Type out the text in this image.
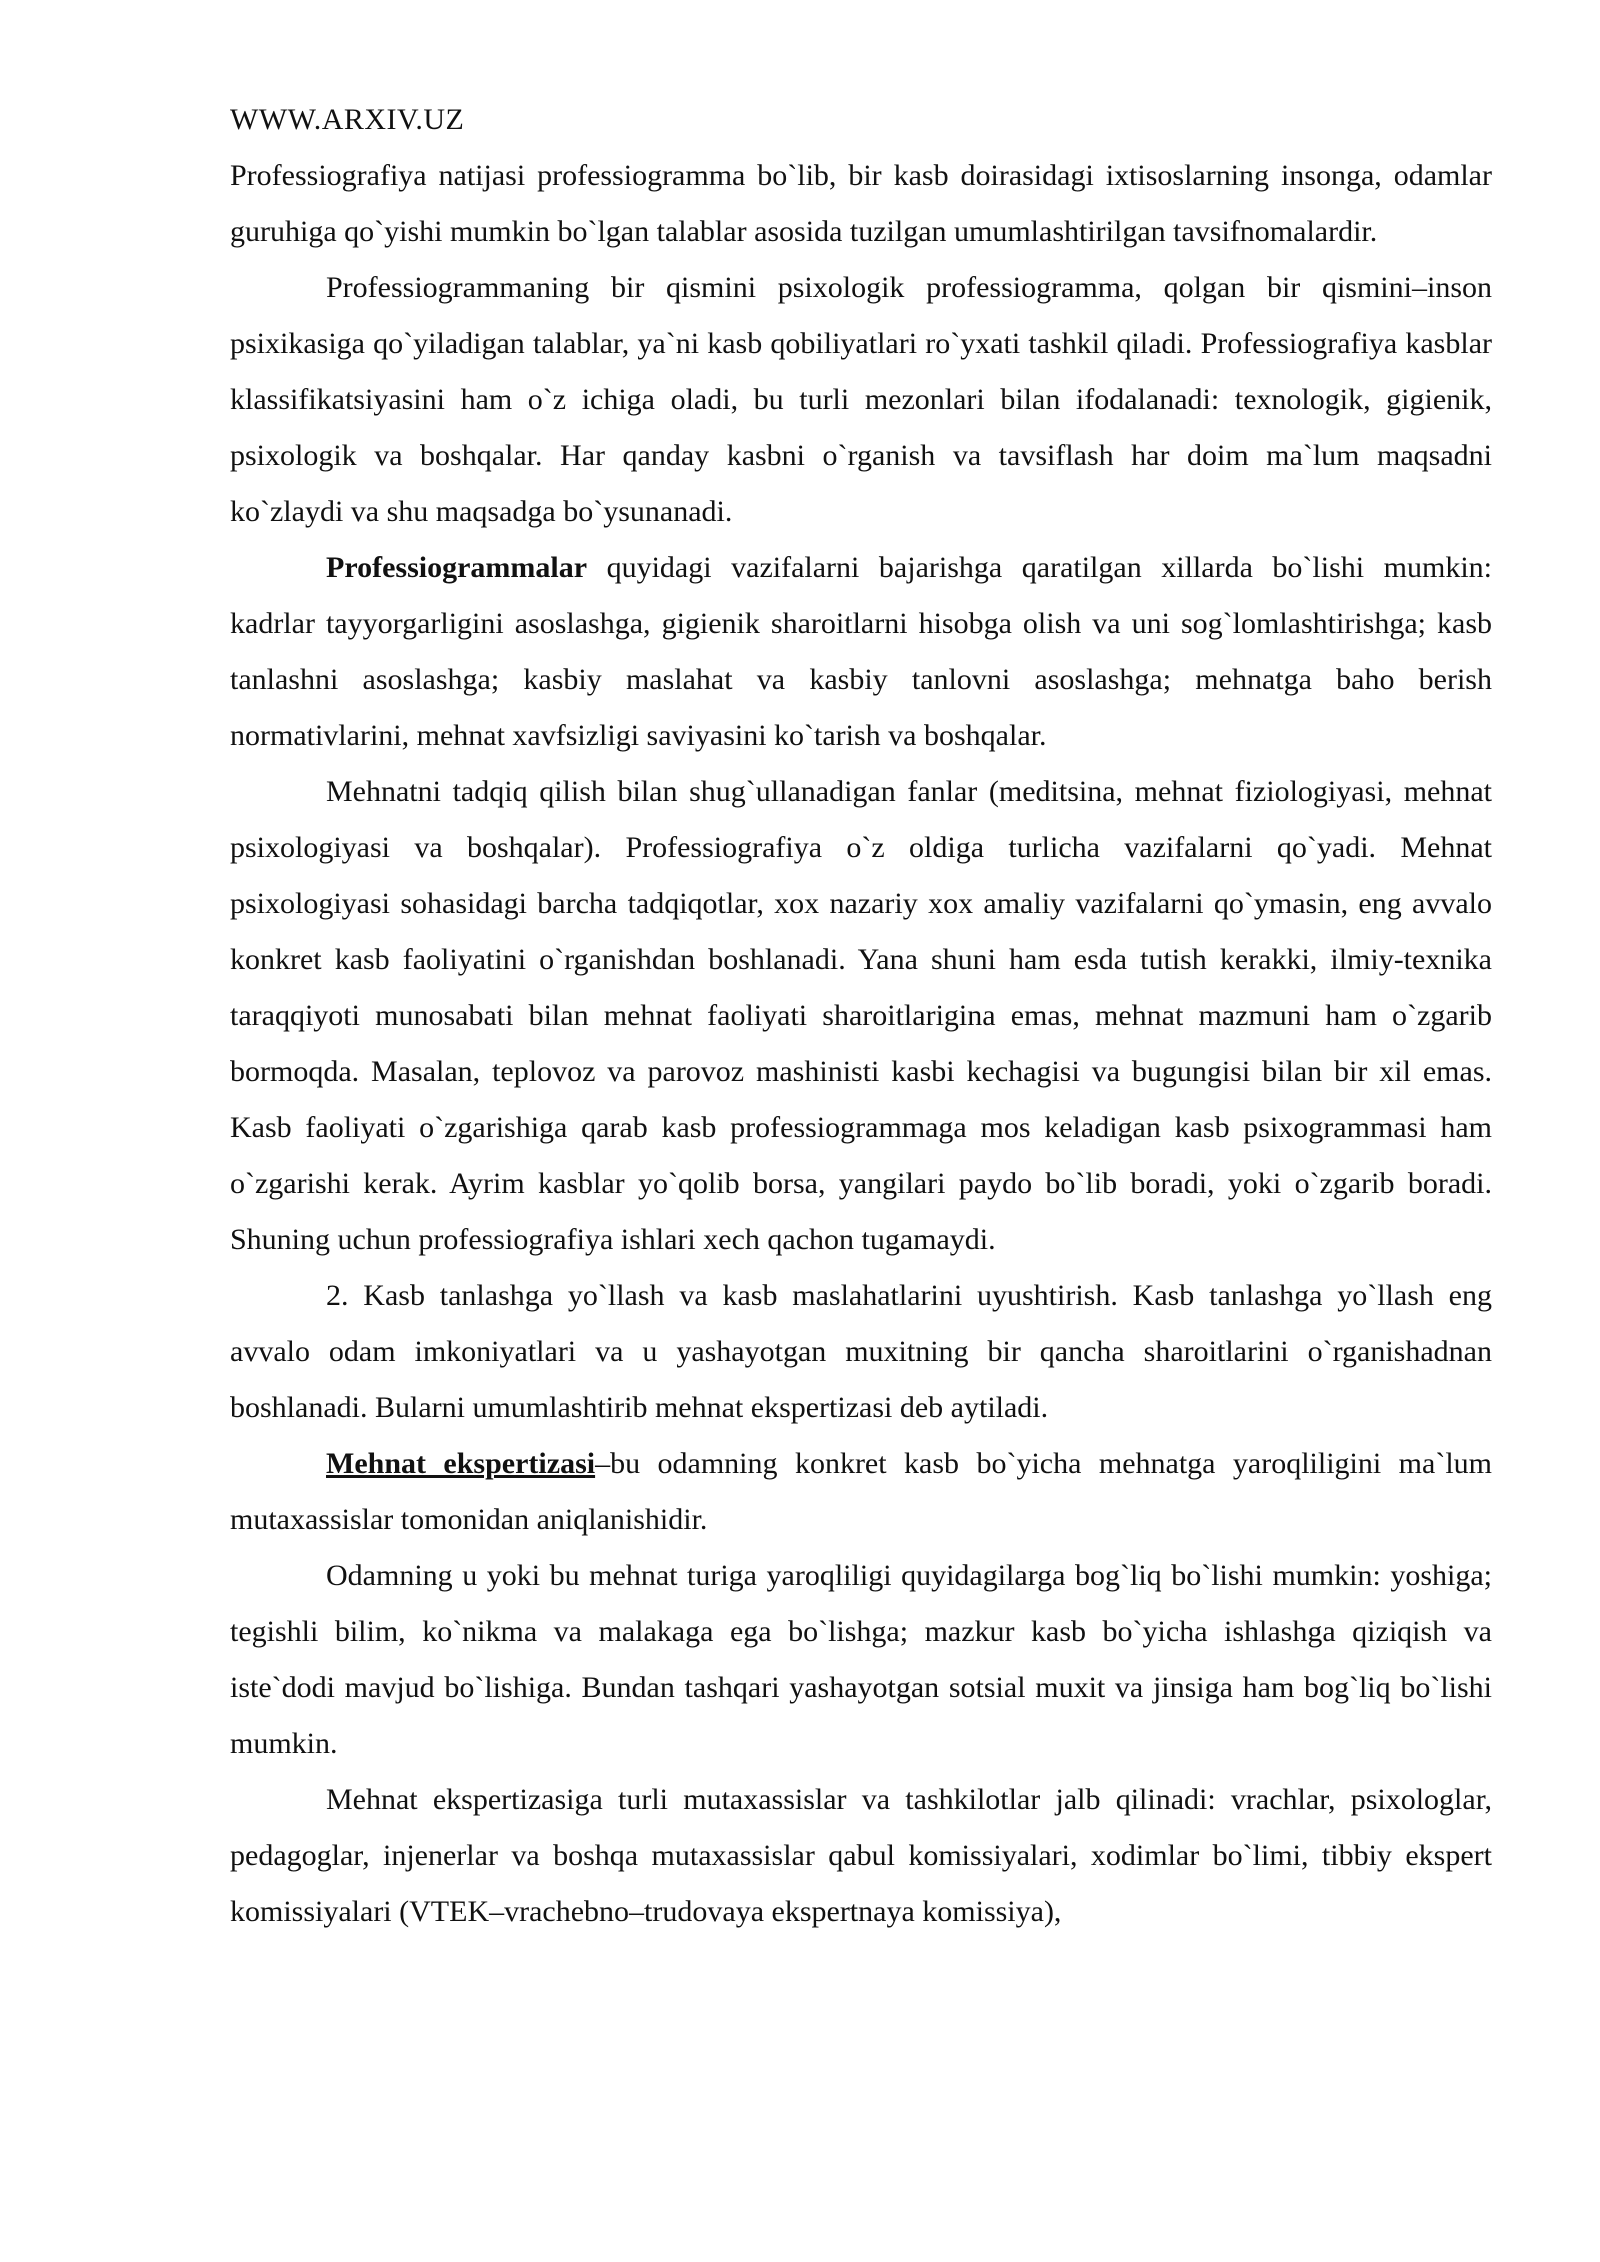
WWW.ARXIV.UZ

Professiografiya natijasi professiogramma bo`lib, bir kasb doirasidagi ixtisoslarning insonga, odamlar guruhiga qo`yishi mumkin bo`lgan talablar asosida tuzilgan umumlashtirilgan tavsifnomalardir.

Professiogrammaning bir qismini psixologik professiogramma, qolgan bir qismini–inson psixikasiga qo`yiladigan talablar, ya`ni kasb qobiliyatlari ro`yxati tashkil qiladi. Professiografiya kasblar klassifikatsiyasini ham o`z ichiga oladi, bu turli mezonlari bilan ifodalanadi: texnologik, gigienik, psixologik va boshqalar. Har qanday kasbni o`rganish va tavsiflash har doim ma`lum maqsadni ko`zlaydi va shu maqsadga bo`ysunanadi.

Professiogrammalar quyidagi vazifalarni bajarishga qaratilgan xillarda bo`lishi mumkin: kadrlar tayyorgarligini asoslashga, gigienik sharoitlarni hisobga olish va uni sog`lomlashtirishga; kasb tanlashni asoslashga; kasbiy maslahat va kasbiy tanlovni asoslashga; mehnatga baho berish normativlarini, mehnat xavfsizligi saviyasini ko`tarish va boshqalar.

Mehnatni tadqiq qilish bilan shug`ullanadigan fanlar (meditsina, mehnat fiziologiyasi, mehnat psixologiyasi va boshqalar). Professiografiya o`z oldiga turlicha vazifalarni qo`yadi. Mehnat psixologiyasi sohasidagi barcha tadqiqotlar, xox nazariy xox amaliy vazifalarni qo`ymasin, eng avvalo konkret kasb faoliyatini o`rganishdan boshlanadi. Yana shuni ham esda tutish kerakki, ilmiy-texnika taraqqiyoti munosabati bilan mehnat faoliyati sharoitlarigina emas, mehnat mazmuni ham o`zgarib bormoqda. Masalan, teplovoz va parovoz mashinisti kasbi kechagisi va bugungisi bilan bir xil emas. Kasb faoliyati o`zgarishiga qarab kasb professiogrammaga mos keladigan kasb psixogrammasi ham o`zgarishi kerak. Ayrim kasblar yo`qolib borsa, yangilari paydo bo`lib boradi, yoki o`zgarib boradi. Shuning uchun professiografiya ishlari xech qachon tugamaydi.

2. Kasb tanlashga yo`llash va kasb maslahatlarini uyushtirish. Kasb tanlashga yo`llash eng avvalo odam imkoniyatlari va u yashayotgan muxitning bir qancha sharoitlarini o`rganishadnan boshlanadi. Bularni umumlashtirib mehnat ekspertizasi deb aytiladi.

Mehnat ekspertizasi–bu odamning konkret kasb bo`yicha mehnatga yaroqliligini ma`lum mutaxassislar tomonidan aniqlanishidir.

Odamning u yoki bu mehnat turiga yaroqliligi quyidagilarga bog`liq bo`lishi mumkin: yoshiga; tegishli bilim, ko`nikma va malakaga ega bo`lishga; mazkur kasb bo`yicha ishlashga qiziqish va iste`dodi mavjud bo`lishiga. Bundan tashqari yashayotgan sotsial muxit va jinsiga ham bog`liq bo`lishi mumkin.

Mehnat ekspertizasiga turli mutaxassislar va tashkilotlar jalb qilinadi: vrachlar, psixologlar, pedagoglar, injenerlar va boshqa mutaxassislar qabul komissiyalari, xodimlar bo`limi, tibbiy ekspert komissiyalari (VTEK–vrachebno–trudovaya ekspertnaya komissiya),
